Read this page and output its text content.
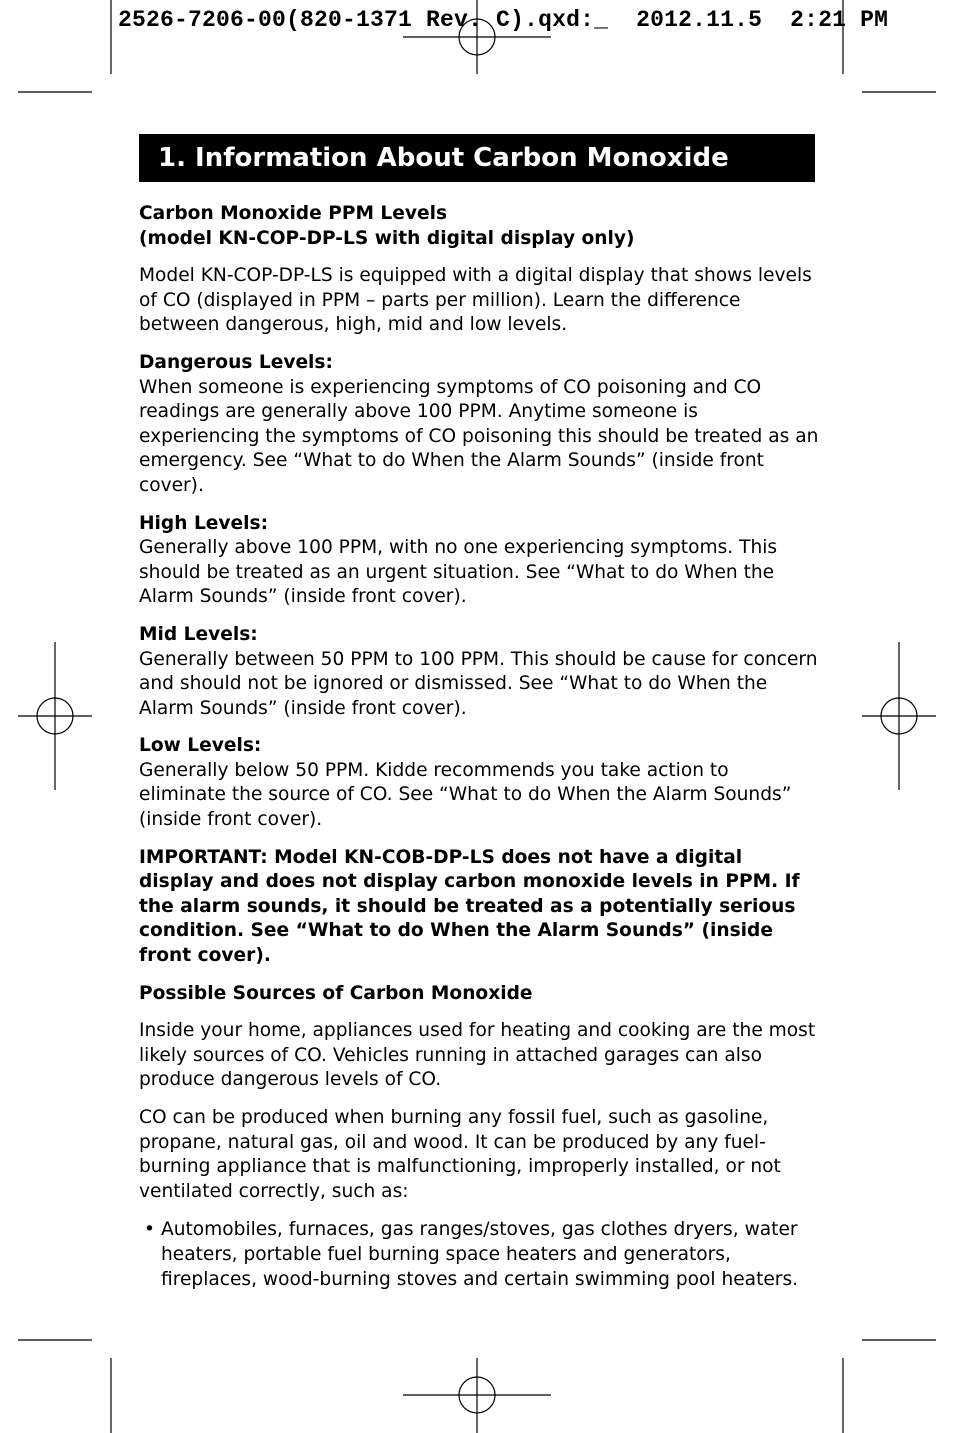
2526-7206-00(820-1371 Rev. C).qxd:_  2012.11.5  2:21 PM
1. Information About Carbon Monoxide

Carbon Monoxide PPM Levels

(model KN-COP-DP-LS with digital display only)

Model KN-COP-DP-LS is equipped with a digital display that shows levels of CO (displayed in PPM – parts per million). Learn the difference between dangerous, high, mid and low levels.

Dangerous Levels:

When someone is experiencing symptoms of CO poisoning and CO readings are generally above 100 PPM. Anytime someone is experiencing the symptoms of CO poisoning this should be treated as an emergency. See “What to do When the Alarm Sounds” (inside front cover).

High Levels:

Generally above 100 PPM, with no one experiencing symptoms. This should be treated as an urgent situation. See “What to do When the Alarm Sounds” (inside front cover).

Mid Levels:

Generally between 50 PPM to 100 PPM. This should be cause for concern and should not be ignored or dismissed. See “What to do When the Alarm Sounds” (inside front cover).

Low Levels:

Generally below 50 PPM. Kidde recommends you take action to eliminate the source of CO. See “What to do When the Alarm Sounds” (inside front cover).

IMPORTANT: Model KN-COB-DP-LS does not have a digital display and does not display carbon monoxide levels in PPM. If the alarm sounds, it should be treated as a potentially serious condition. See “What to do When the Alarm Sounds” (inside front cover).

Possible Sources of Carbon Monoxide

Inside your home, appliances used for heating and cooking are the most likely sources of CO. Vehicles running in attached garages can also produce dangerous levels of CO.

CO can be produced when burning any fossil fuel, such as gasoline, propane, natural gas, oil and wood. It can be produced by any fuel-burning appliance that is malfunctioning, improperly installed, or not ventilated correctly, such as:

• Automobiles, furnaces, gas ranges/stoves, gas clothes dryers, water heaters, portable fuel burning space heaters and generators, fireplaces, wood-burning stoves and certain swimming pool heaters.
